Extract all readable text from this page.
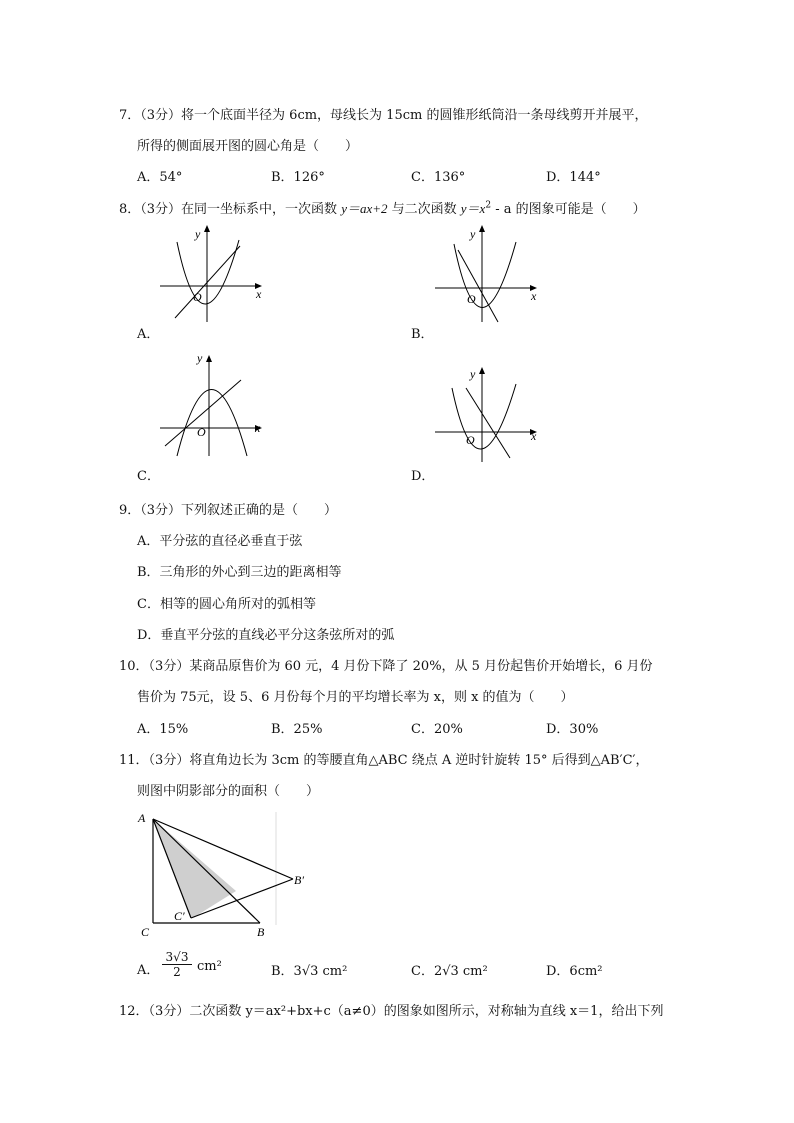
7．（3分）将一个底面半径为 6cm，母线长为 15cm 的圆锥形纸筒沿一条母线剪开并展平，
所得的侧面展开图的圆心角是（　　）
A．54°	B．126°	C．136°	D．144°
8．（3分）在同一坐标系中，一次函数 y＝ax+2 与二次函数 $y=x^2 - a$ 的图象可能是（　　）
y
x
O
A．
y
x
O
B．
y
x
O
C．
y
x
O
D．
9．（3分）下列叙述正确的是（　　）
A．平分弦的直径必垂直于弦
B．三角形的外心到三边的距离相等
C．相等的圆心角所对的弧相等
D．垂直平分弦的直线必平分这条弦所对的弧
10．（3分）某商品原售价为 60 元，4 月份下降了 20%，从 5 月份起售价开始增长，6 月份
售价为 75元，设 5、6 月份每个月的平均增长率为 x，则 x 的值为（　　）
A．15%	B．25%	C．20%	D．30%
11．（3分）将直角边长为 3cm 的等腰直角△ABC 绕点 A 逆时针旋转 15° 后得到△AB′C′，
则图中阴影部分的面积（　　）
A
B′
C′
C	B
A． $\frac{3√3}{2} cm^2$	B．3√3 cm²	C．2√3 cm²	D．6cm²
12．（3分）二次函数 y＝ax²+bx+c（a≠0）的图象如图所示，对称轴为直线 x＝1，给出下列
